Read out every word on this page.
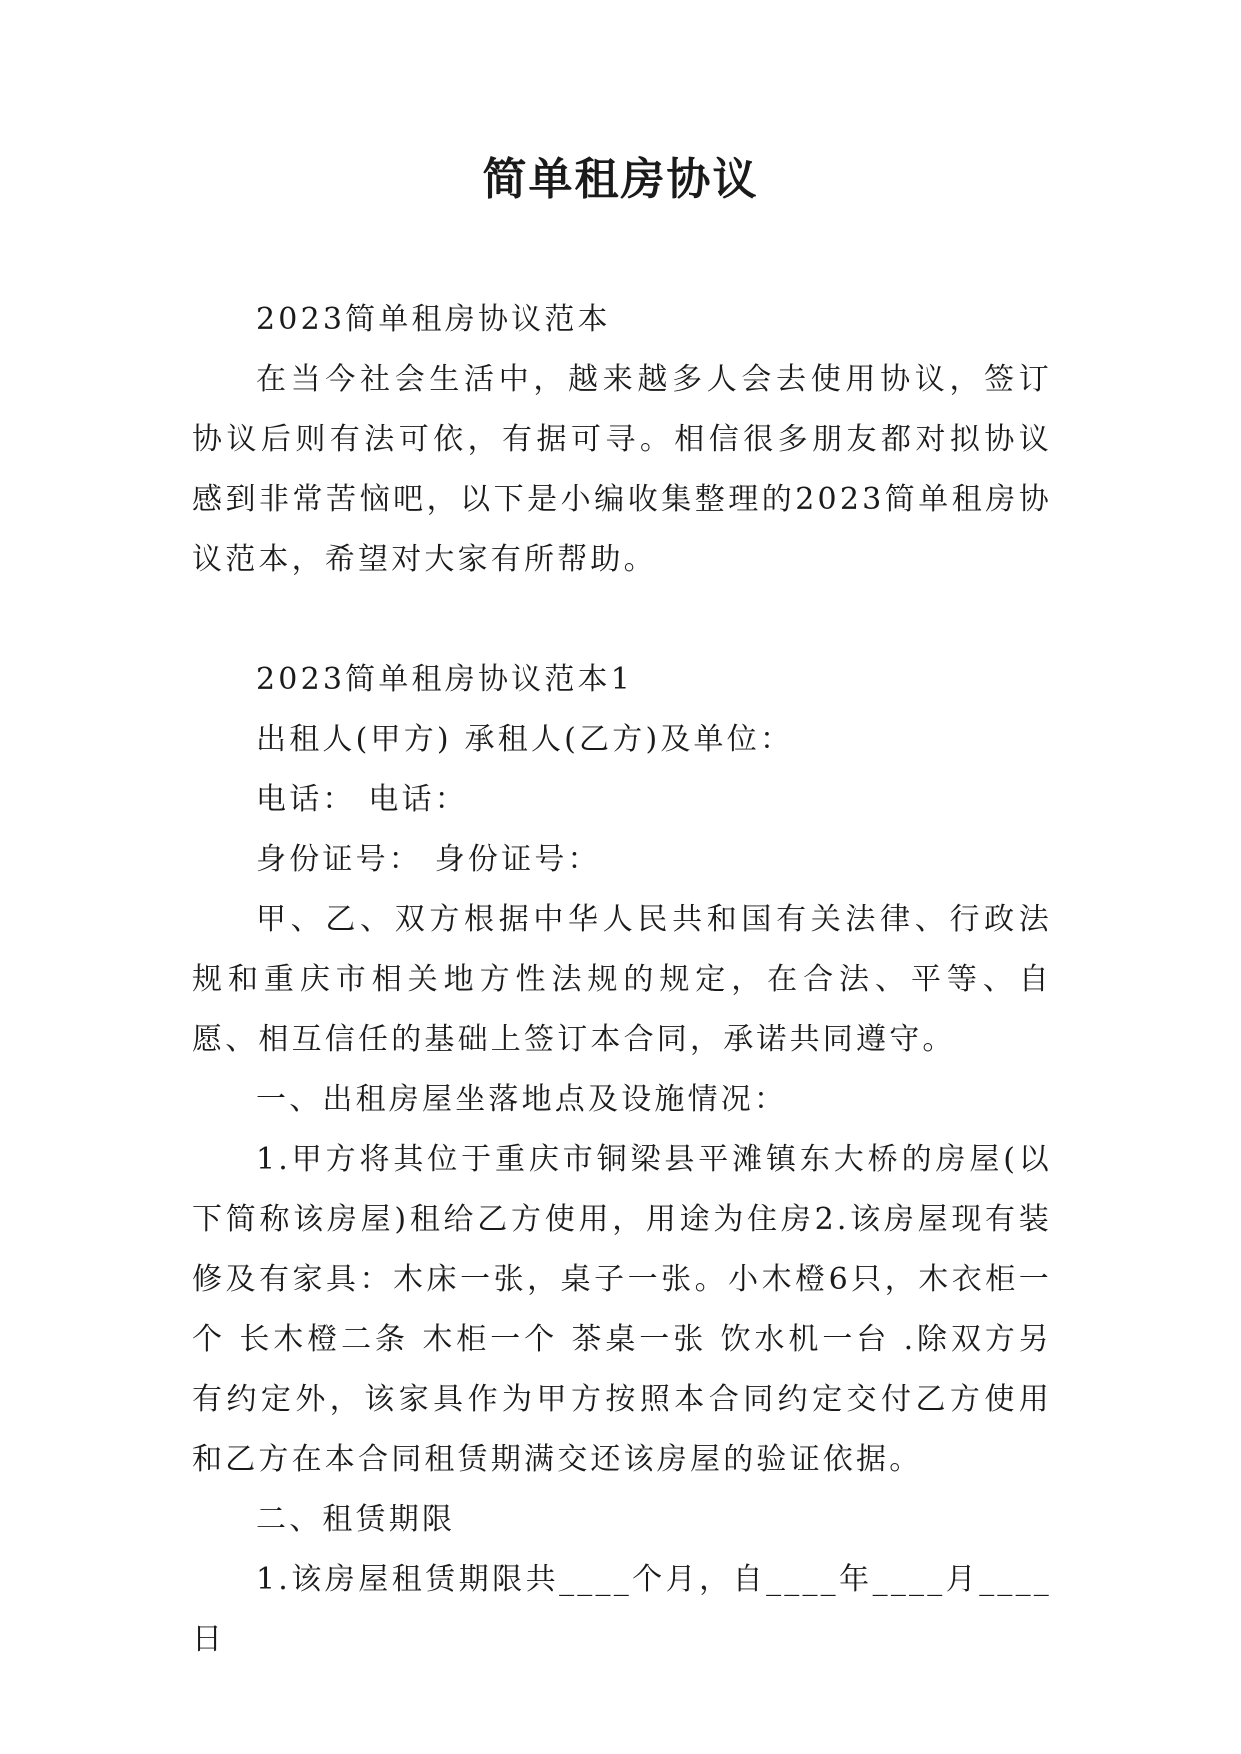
简单租房协议

2023简单租房协议范本

在当今社会生活中，越来越多人会去使用协议，签订协议后则有法可依，有据可寻。相信很多朋友都对拟协议感到非常苦恼吧，以下是小编收集整理的2023简单租房协议范本，希望对大家有所帮助。

2023简单租房协议范本1

出租人(甲方) 承租人(乙方)及单位：

电话： 电话：

身份证号： 身份证号：

甲、乙、双方根据中华人民共和国有关法律、行政法规和重庆市相关地方性法规的规定，在合法、平等、自愿、相互信任的基础上签订本合同，承诺共同遵守。

一、出租房屋坐落地点及设施情况：

1.甲方将其位于重庆市铜梁县平滩镇东大桥的房屋(以下简称该房屋)租给乙方使用，用途为住房2.该房屋现有装修及有家具：木床一张，桌子一张。小木橙6只，木衣柜一个 长木橙二条 木柜一个 茶桌一张 饮水机一台 .除双方另有约定外，该家具作为甲方按照本合同约定交付乙方使用和乙方在本合同租赁期满交还该房屋的验证依据。

二、租赁期限

1.该房屋租赁期限共____个月，自____年____月____日
